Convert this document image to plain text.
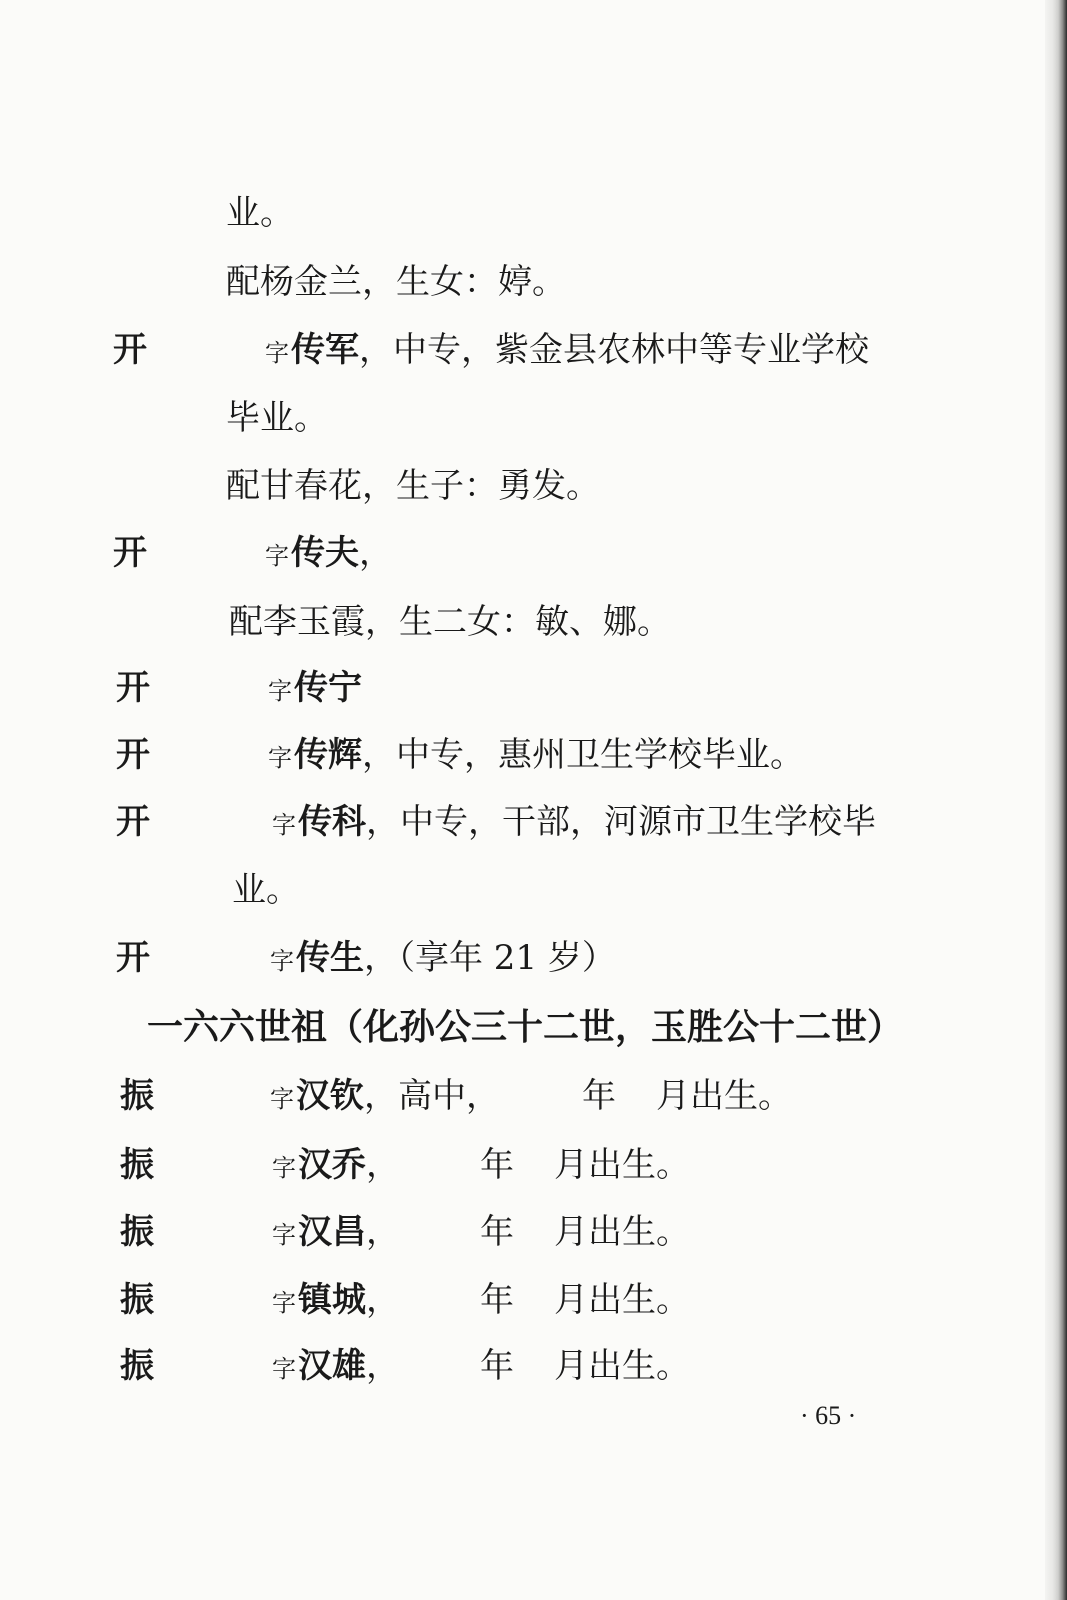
业。
配杨金兰，生女：婷。
开	字传军，中专，紫金县农林中等专业学校
毕业。
配甘春花，生子：勇发。
开	字传夫，
配李玉霞，生二女：敏、娜。
开	字传宁
开	字传辉，中专，惠州卫生学校毕业。
开	字传科，中专，干部，河源市卫生学校毕
业。
开	字传生，（享年 21 岁）
一六六世祖（化孙公三十二世，玉胜公十二世）
振	字汉钦，高中， 年 月出生。
振	字汉乔， 年 月出生。
振	字汉昌， 年 月出生。
振	字镇城， 年 月出生。
振	字汉雄， 年 月出生。
· 65 ·
